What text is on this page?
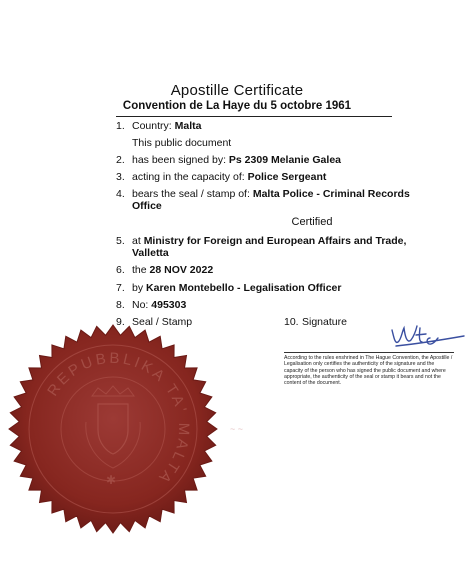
Apostille Certificate
Convention de La Haye du 5 octobre 1961
1. Country: Malta
This public document
2. has been signed by: Ps 2309 Melanie Galea
3. acting in the capacity of: Police Sergeant
4. bears the seal / stamp of: Malta Police - Criminal Records
Office
Certified
5. at Ministry for Foreign and European Affairs and Trade,
Valletta
6. the 28 NOV 2022
7. by Karen Montebello - Legalisation Officer
8. No: 495303
9. Seal / Stamp	10. Signature
According to the rules enshrined in The Hague Convention, the Apostille / Legalisation only certifies the authenticity of the signature and the capacity of the person who has signed the public document and where appropriate, the authenticity of the seal or stamp it bears and not the content of the document.
REPUBBLIKA TA' MALTA
✱
~ ~
